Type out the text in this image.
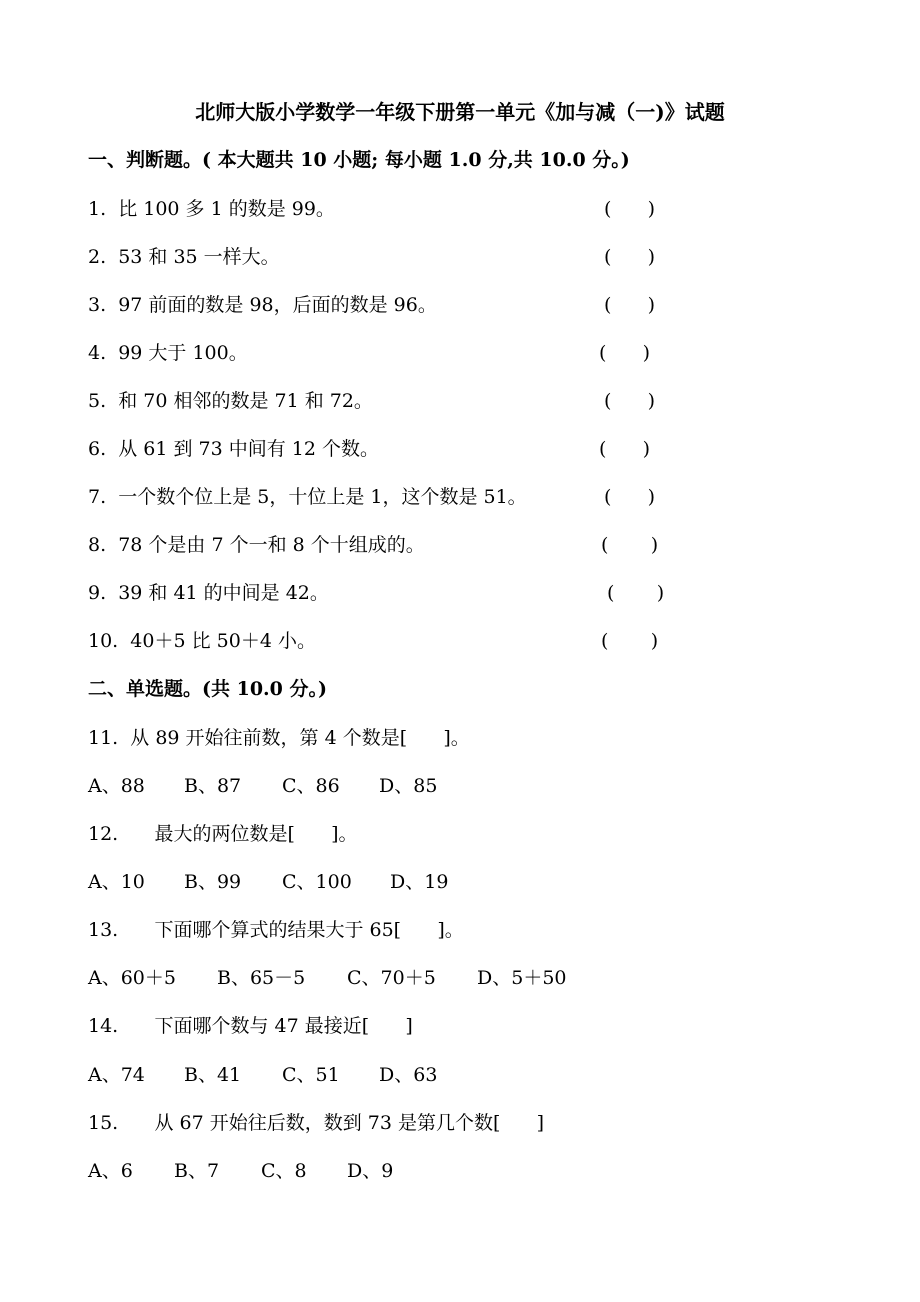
北师大版小学数学一年级下册第一单元《加与减（一)》试题
一、判断题。( 本大题共 10 小题; 每小题 1.0 分,共 10.0 分。)
1.  比 100 多 1 的数是 99。	(      )
2.  53 和 35 一样大。	(      )
3.  97 前面的数是 98，后面的数是 96。	(      )
4.  99 大于 100。	(      )
5.  和 70 相邻的数是 71 和 72。	(      )
6.  从 61 到 73 中间有 12 个数。	(      )
7.  一个数个位上是 5，十位上是 1，这个数是 51。	(      )
8.  78 个是由 7 个一和 8 个十组成的。	(       )
9.  39 和 41 的中间是 42。	(       )
10.  40＋5 比 50＋4 小。	(       )
二、单选题。(共 10.0 分。)
11.  从 89 开始往前数，第 4 个数是[      ]。
A、88 B、87 C、86 D、85
12.      最大的两位数是[      ]。
A、10 B、99 C、100 D、19
13.      下面哪个算式的结果大于 65[      ]。
A、60＋5 B、65－5 C、70＋5 D、5＋50
14.      下面哪个数与 47 最接近[      ]
A、74 B、41 C、51 D、63
15.      从 67 开始往后数，数到 73 是第几个数[      ]
A、6 B、7 C、8 D、9
